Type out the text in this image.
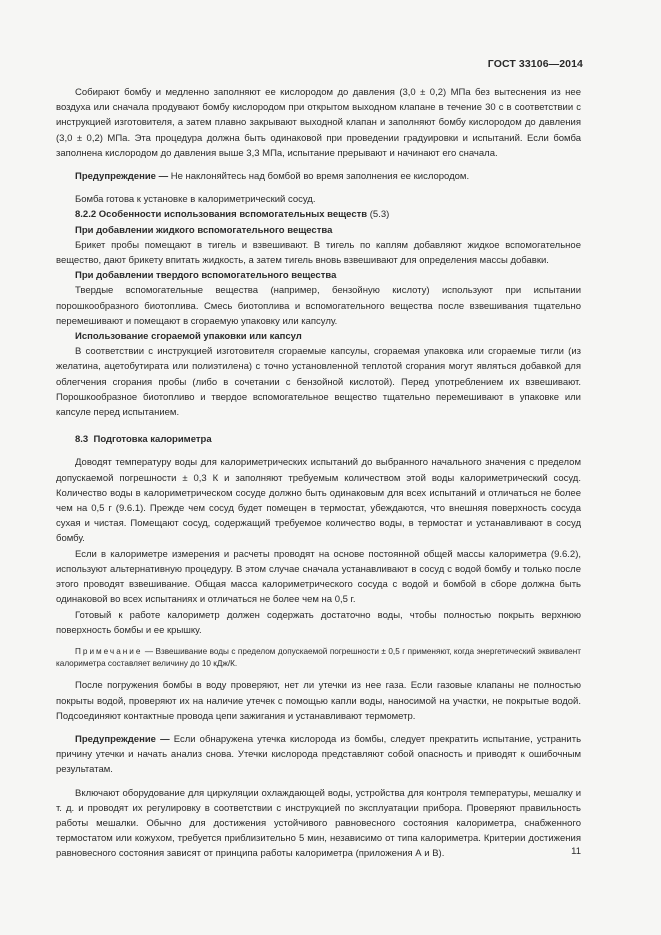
ГОСТ 33106—2014

Собирают бомбу и медленно заполняют ее кислородом до давления (3,0 ± 0,2) МПа без вытеснения из нее воздуха или сначала продувают бомбу кислородом при открытом выходном клапане в течение 30 с в соответствии с инструкцией изготовителя, а затем плавно закрывают выходной клапан и заполняют бомбу кислородом до давления (3,0 ± 0,2) МПа. Эта процедура должна быть одинаковой при проведении градуировки и испытаний. Если бомба заполнена кислородом до давления выше 3,3 МПа, испытание прерывают и начинают его сначала.

Предупреждение — Не наклоняйтесь над бомбой во время заполнения ее кислородом.

Бомба готова к установке в калориметрический сосуд.

8.2.2 Особенности использования вспомогательных веществ (5.3)

При добавлении жидкого вспомогательного вещества

Брикет пробы помещают в тигель и взвешивают. В тигель по каплям добавляют жидкое вспомогательное вещество, дают брикету впитать жидкость, а затем тигель вновь взвешивают для определения массы добавки.

При добавлении твердого вспомогательного вещества

Твердые вспомогательные вещества (например, бензойную кислоту) используют при испытании порошкообразного биотоплива. Смесь биотоплива и вспомогательного вещества после взвешивания тщательно перемешивают и помещают в сгораемую упаковку или капсулу.

Использование сгораемой упаковки или капсул

В соответствии с инструкцией изготовителя сгораемые капсулы, сгораемая упаковка или сгораемые тигли (из желатина, ацетобутирата или полиэтилена) с точно установленной теплотой сгорания могут являться добавкой для облегчения сгорания пробы (либо в сочетании с бензойной кислотой). Перед употреблением их взвешивают. Порошкообразное биотопливо и твердое вспомогательное вещество тщательно перемешивают в упаковке или капсуле перед испытанием.

8.3 Подготовка калориметра

Доводят температуру воды для калориметрических испытаний до выбранного начального значения с пределом допускаемой погрешности ± 0,3 К и заполняют требуемым количеством этой воды калориметрический сосуд. Количество воды в калориметрическом сосуде должно быть одинаковым для всех испытаний и отличаться не более чем на 0,5 г (9.6.1). Прежде чем сосуд будет помещен в термостат, убеждаются, что внешняя поверхность сосуда сухая и чистая. Помещают сосуд, содержащий требуемое количество воды, в термостат и устанавливают в сосуд бомбу.

Если в калориметре измерения и расчеты проводят на основе постоянной общей массы калориметра (9.6.2), используют альтернативную процедуру. В этом случае сначала устанавливают в сосуд с водой бомбу и только после этого проводят взвешивание. Общая масса калориметрического сосуда с водой и бомбой в сборе должна быть одинаковой во всех испытаниях и отличаться не более чем на 0,5 г.

Готовый к работе калориметр должен содержать достаточно воды, чтобы полностью покрыть верхнюю поверхность бомбы и ее крышку.

Примечание — Взвешивание воды с пределом допускаемой погрешности ± 0,5 г применяют, когда энергетический эквивалент калориметра составляет величину до 10 кДж/К.

После погружения бомбы в воду проверяют, нет ли утечки из нее газа. Если газовые клапаны не полностью покрыты водой, проверяют их на наличие утечек с помощью капли воды, наносимой на участки, не покрытые водой. Подсоединяют контактные провода цепи зажигания и устанавливают термометр.

Предупреждение — Если обнаружена утечка кислорода из бомбы, следует прекратить испытание, устранить причину утечки и начать анализ снова. Утечки кислорода представляют собой опасность и приводят к ошибочным результатам.

Включают оборудование для циркуляции охлаждающей воды, устройства для контроля температуры, мешалку и т. д. и проводят их регулировку в соответствии с инструкцией по эксплуатации прибора. Проверяют правильность работы мешалки. Обычно для достижения устойчивого равновесного состояния калориметра, снабженного термостатом или кожухом, требуется приблизительно 5 мин, независимо от типа калориметра. Критерии достижения равновесного состояния зависят от принципа работы калориметра (приложения А и В).	11
